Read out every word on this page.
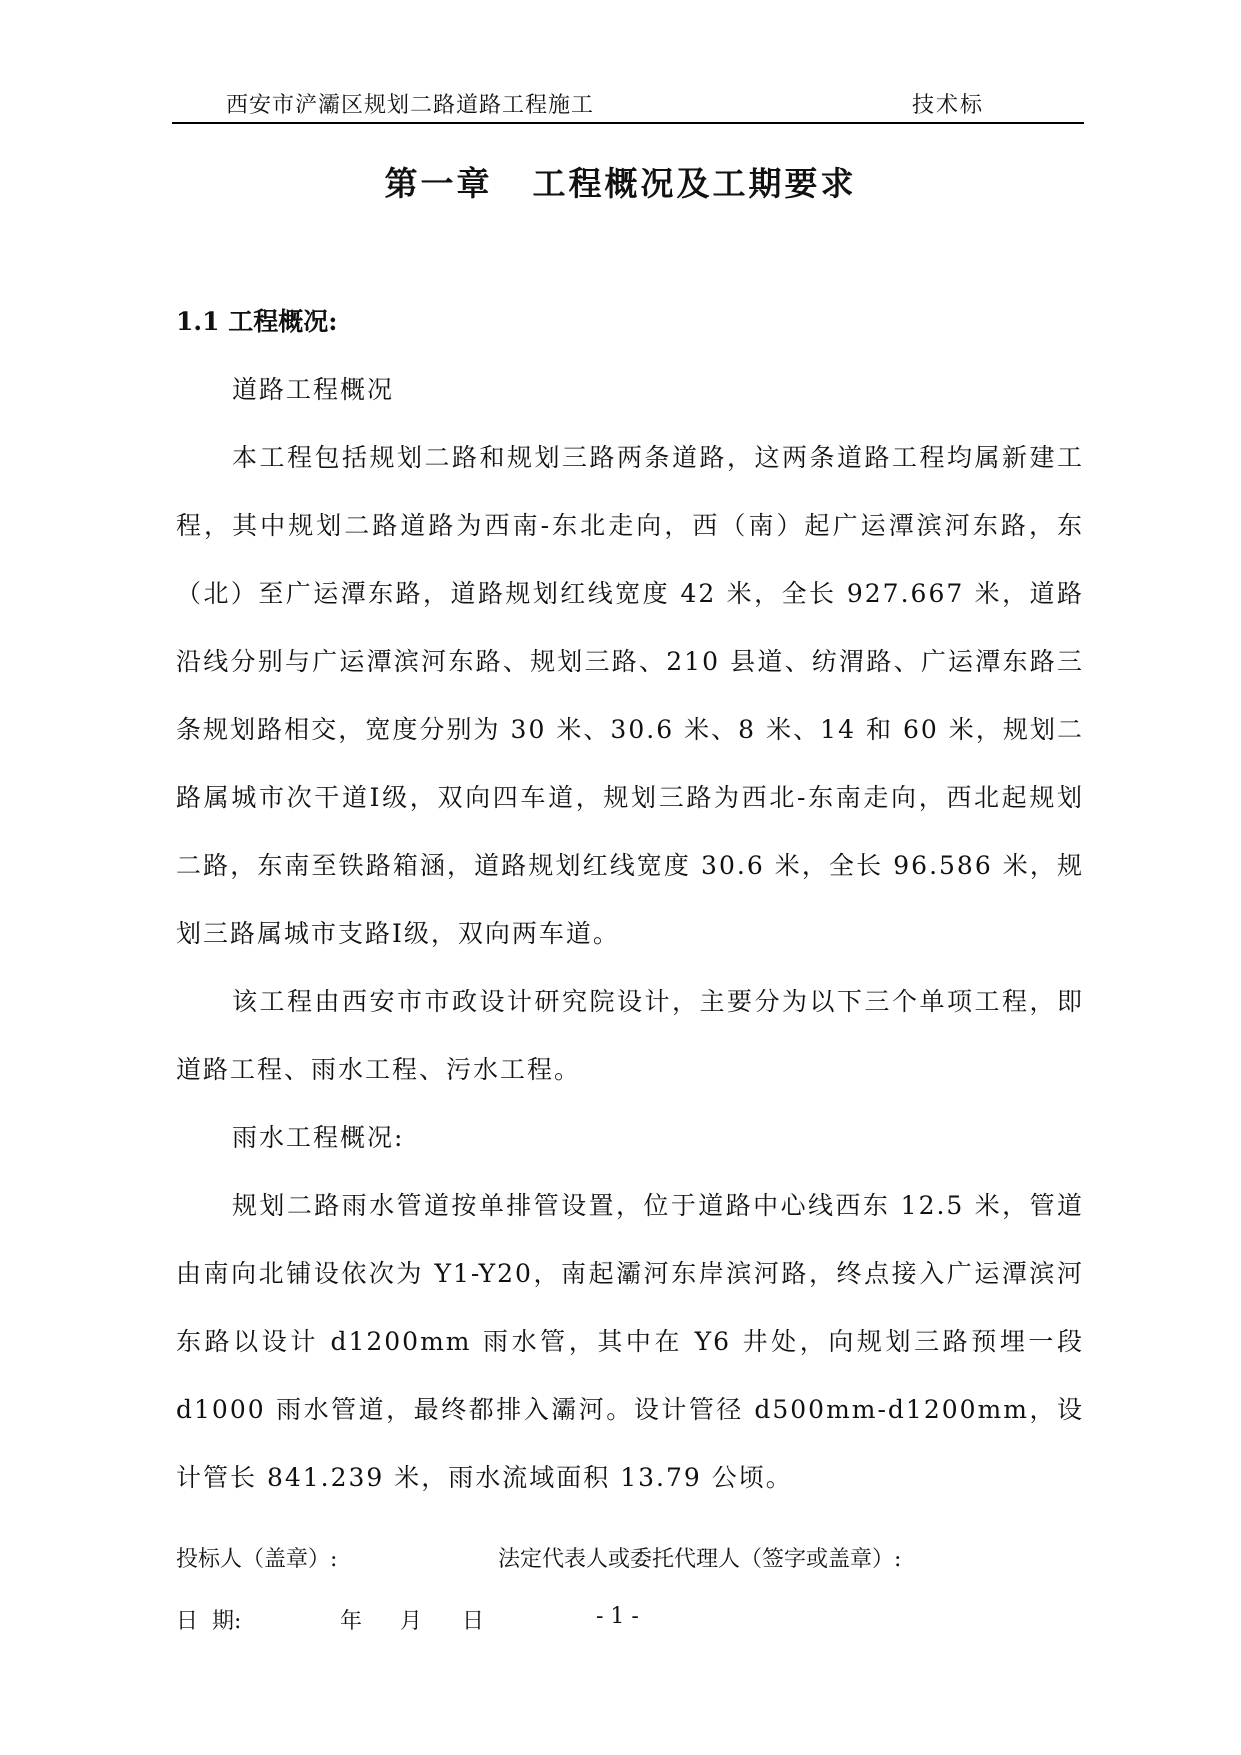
西安市浐灞区规划二路道路工程施工	技术标
第一章 工程概况及工期要求
1.1 工程概况:

道路工程概况

本工程包括规划二路和规划三路两条道路，这两条道路工程均属新建工程，其中规划二路道路为西南-东北走向，西（南）起广运潭滨河东路，东（北）至广运潭东路，道路规划红线宽度 42 米，全长 927.667 米，道路沿线分别与广运潭滨河东路、规划三路、210 县道、纺渭路、广运潭东路三条规划路相交，宽度分别为 30 米、30.6 米、8 米、14 和 60 米，规划二路属城市次干道Ⅰ级，双向四车道，规划三路为西北-东南走向，西北起规划二路，东南至铁路箱涵，道路规划红线宽度 30.6 米，全长 96.586 米，规划三路属城市支路Ⅰ级，双向两车道。

该工程由西安市市政设计研究院设计，主要分为以下三个单项工程，即道路工程、雨水工程、污水工程。

雨水工程概况:

规划二路雨水管道按单排管设置，位于道路中心线西东 12.5 米，管道由南向北铺设依次为 Y1-Y20，南起灞河东岸滨河路，终点接入广运潭滨河东路以设计 d1200mm 雨水管，其中在 Y6 井处，向规划三路预埋一段 d1000 雨水管道，最终都排入灞河。设计管径 d500mm-d1200mm，设计管长 841.239 米，雨水流域面积 13.79 公顷。

投标人（盖章）:	法定代表人或委托代理人（签字或盖章）:
日  期:	年 月 日	- 1 -
